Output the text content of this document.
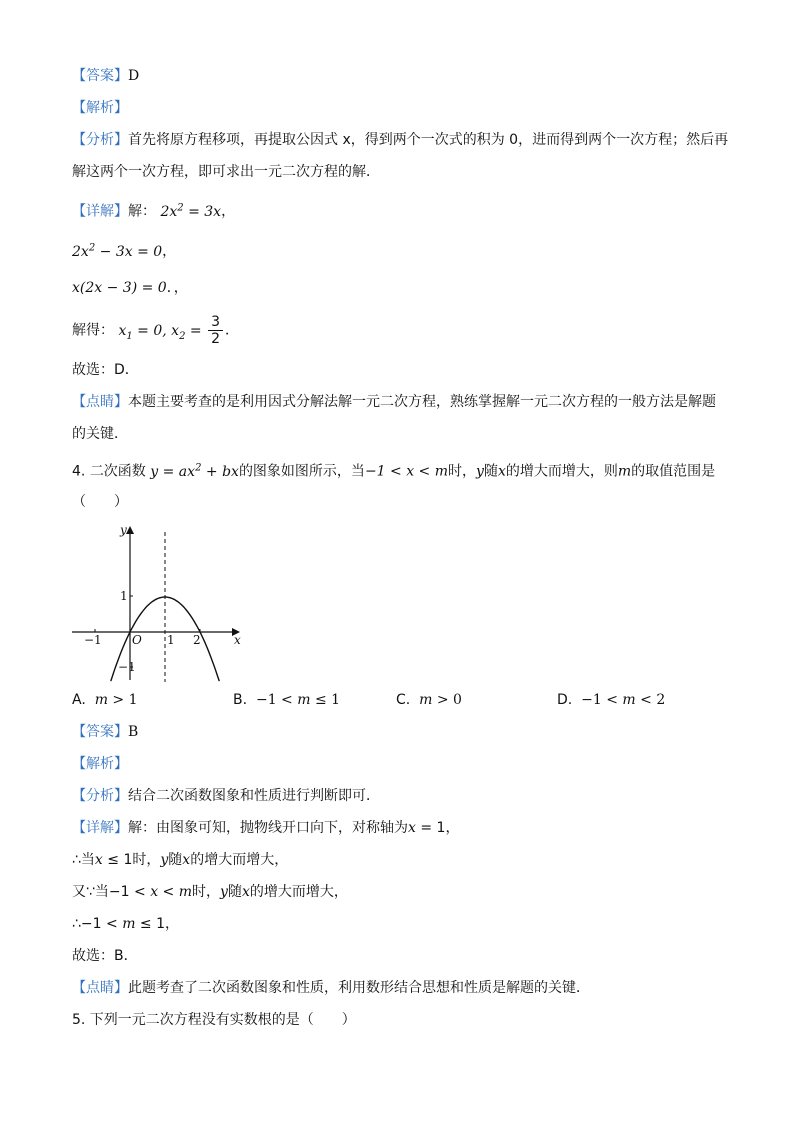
【答案】D
【解析】
【分析】首先将原方程移项，再提取公因式 x，得到两个一次式的积为 0，进而得到两个一次方程；然后再
解这两个一次方程，即可求出一元二次方程的解．
【详解】解： $2x^2 = 3x$，
$2x^2 - 3x = 0$，
x(2x − 3) = 0．，
解得： $x_1 = 0$, $x_2 = \frac{3}{2}$ ．
故选：D．
【点睛】本题主要考查的是利用因式分解法解一元二次方程，熟练掌握解一元二次方程的一般方法是解题
的关键．
4. 二次函数 $y = ax^2$ + bx的图象如图所示，当−1 < x < m时，y随x的增大而增大，则m的取值范围是
（　　）
y
x
O
−1	1 2
1
−1
A. m > 1	B.  −1 < m ≤ 1	C. m > 0	D.  −1 < m < 2
【答案】B
【解析】
【分析】结合二次函数图象和性质进行判断即可．
【详解】解：由图象可知，抛物线开口向下，对称轴为x = 1，
∴当x ≤ 1时，y随x的增大而增大，
又∵当−1 < x < m时，y随x的增大而增大，
∴−1 < m ≤ 1，
故选：B．
【点睛】此题考查了二次函数图象和性质，利用数形结合思想和性质是解题的关键．
5. 下列一元二次方程没有实数根的是（　　）
